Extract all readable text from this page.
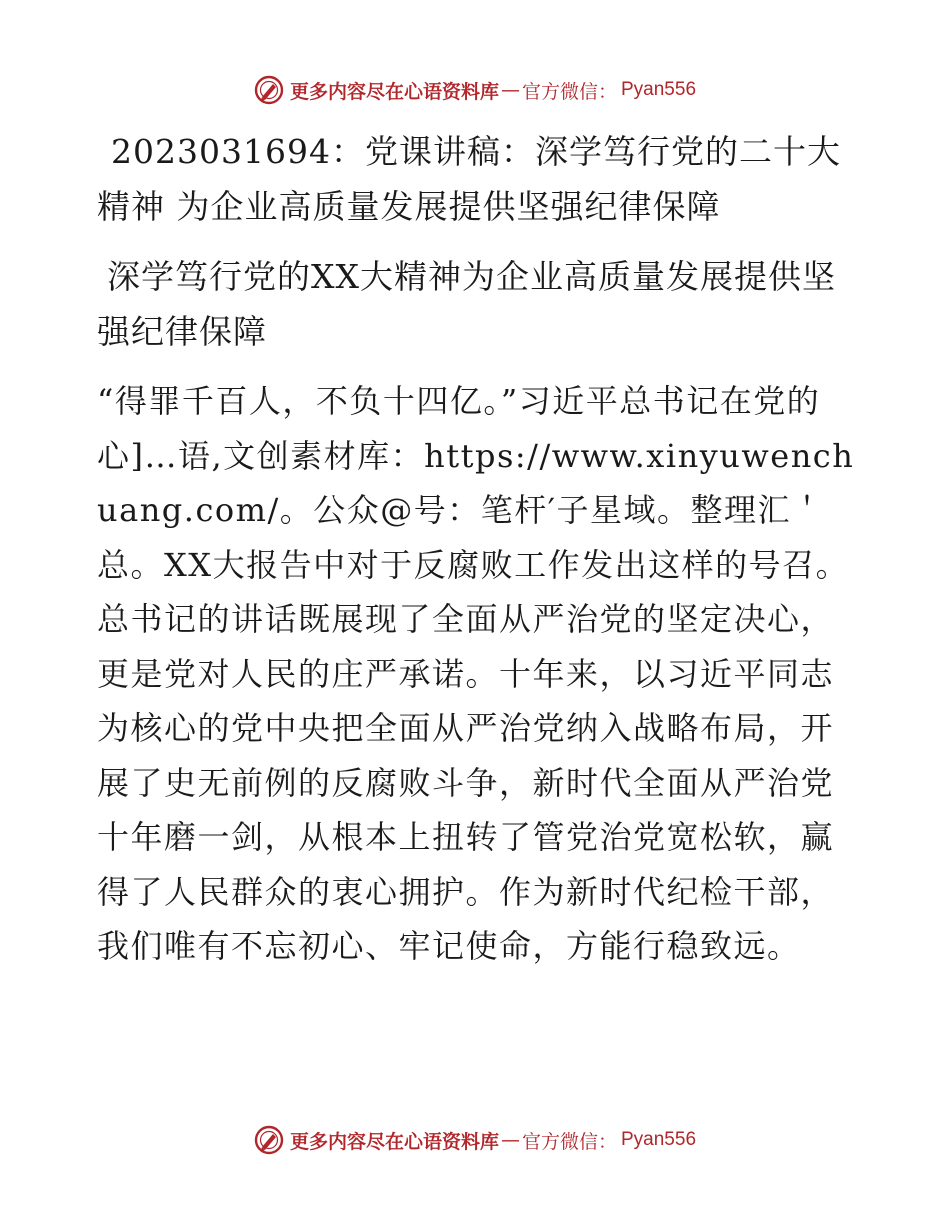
更多内容尽在心语资料库 — 官方微信： Pyan556
2023031694：党课讲稿：深学笃行党的二十大精神 为企业高质量发展提供坚强纪律保障
深学笃行党的XX大精神为企业高质量发展提供坚强纪律保障

“得罪千百人，不负十四亿。”习近平总书记在党的心]…语,文创素材库：https://www.xinyuwenchuang.com/。公众@号：笔杆′子星域。整理汇＇总。XX大报告中对于反腐败工作发出这样的号召。总书记的讲话既展现了全面从严治党的坚定决心，更是党对人民的庄严承诺。十年来，以习近平同志为核心的党中央把全面从严治党纳入战略布局，开展了史无前例的反腐败斗争，新时代全面从严治党十年磨一剑，从根本上扭转了管党治党宽松软，赢得了人民群众的衷心拥护。作为新时代纪检干部，我们唯有不忘初心、牢记使命，方能行稳致远。

更多内容尽在心语资料库 — 官方微信： Pyan556
